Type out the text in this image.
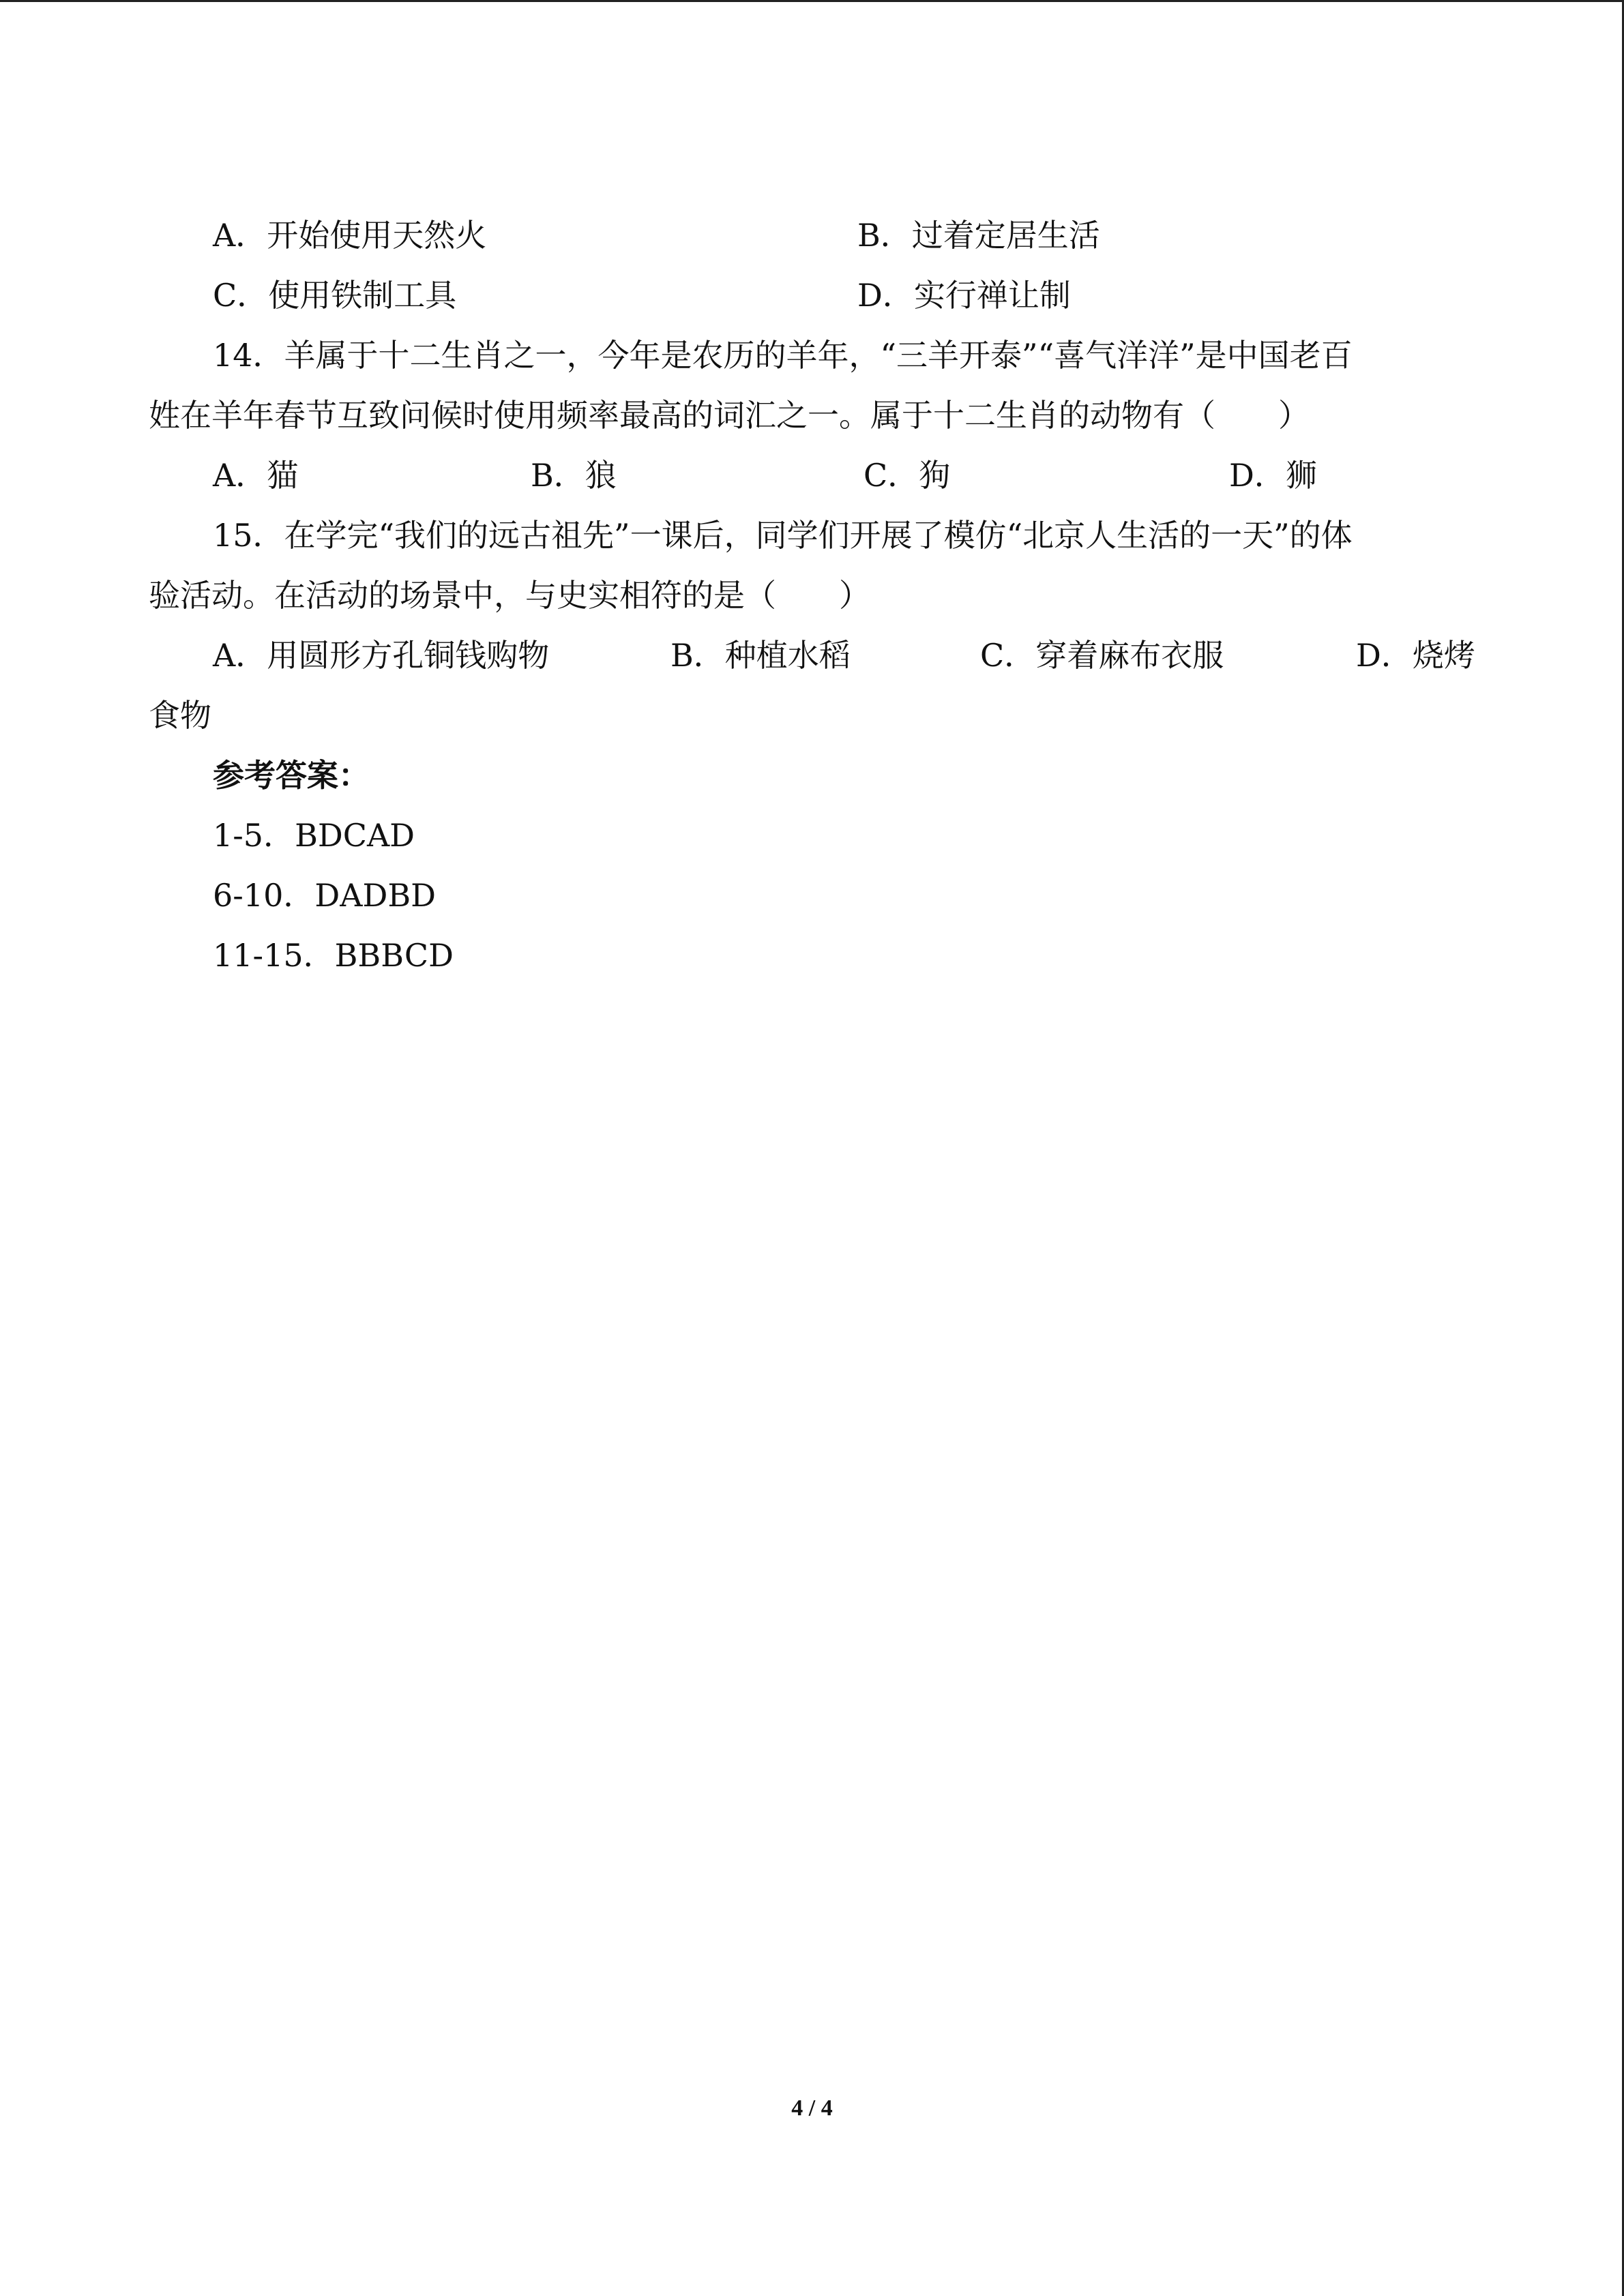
A．开始使用天然火	B．过着定居生活
C．使用铁制工具	D．实行禅让制
14．羊属于十二生肖之一，今年是农历的羊年，“三羊开泰”“喜气洋洋”是中国老百
姓在羊年春节互致问候时使用频率最高的词汇之一。属于十二生肖的动物有（　　）
A．猫	B．狼	C．狗	D．狮
15．在学完“我们的远古祖先”一课后，同学们开展了模仿“北京人生活的一天”的体
验活动。在活动的场景中，与史实相符的是（　　）
A．用圆形方孔铜钱购物	B．种植水稻	C．穿着麻布衣服	D．烧烤
食物
参考答案：
1-5．BDCAD
6-10．DADBD
11-15．BBBCD
4 / 4
